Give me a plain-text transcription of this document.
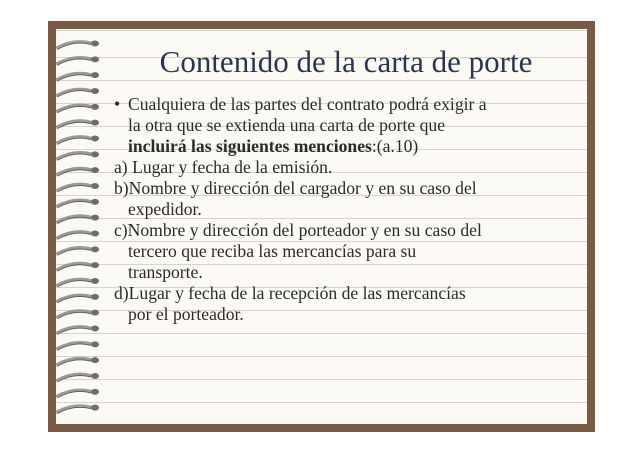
Contenido de la carta de porte

• Cualquiera de las partes del contrato podrá exigir a

la otra que se extienda una carta de porte que

incluirá las siguientes menciones:(a.10)

a) Lugar y fecha de la emisión.

b)Nombre y dirección del cargador y en su caso del

expedidor.

c)Nombre y dirección del porteador y en su caso del

tercero que reciba las mercancías para su

transporte.

d)Lugar y fecha de la recepción de las mercancías

por el porteador.
